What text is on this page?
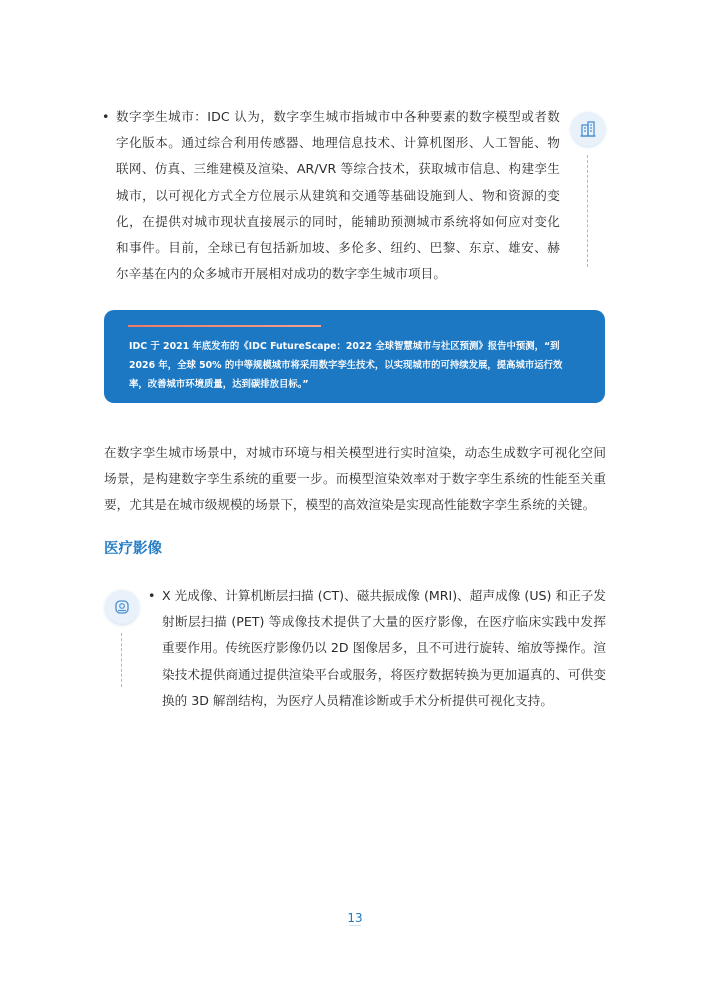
• 数字孪生城市：IDC 认为，数字孪生城市指城市中各种要素的数字模型或者数字化版本。通过综合利用传感器、地理信息技术、计算机图形、人工智能、物联网、仿真、三维建模及渲染、AR/VR 等综合技术，获取城市信息、构建孪生城市，以可视化方式全方位展示从建筑和交通等基础设施到人、物和资源的变化，在提供对城市现状直接展示的同时，能辅助预测城市系统将如何应对变化和事件。目前，全球已有包括新加坡、多伦多、纽约、巴黎、东京、雄安、赫尔辛基在内的众多城市开展相对成功的数字孪生城市项目。
IDC 于 2021 年底发布的《IDC FutureScape：2022 全球智慧城市与社区预测》报告中预测，“到 2026 年，全球 50% 的中等规模城市将采用数字孪生技术，以实现城市的可持续发展，提高城市运行效率，改善城市环境质量，达到碳排放目标。”
在数字孪生城市场景中，对城市环境与相关模型进行实时渲染，动态生成数字可视化空间场景，是构建数字孪生系统的重要一步。而模型渲染效率对于数字孪生系统的性能至关重要，尤其是在城市级规模的场景下，模型的高效渲染是实现高性能数字孪生系统的关键。
医疗影像
• X 光成像、计算机断层扫描 (CT)、磁共振成像 (MRI)、超声成像 (US) 和正子发射断层扫描 (PET) 等成像技术提供了大量的医疗影像，在医疗临床实践中发挥重要作用。传统医疗影像仍以 2D 图像居多，且不可进行旋转、缩放等操作。渲染技术提供商通过提供渲染平台或服务，将医疗数据转换为更加逼真的、可供变换的 3D 解剖结构，为医疗人员精准诊断或手术分析提供可视化支持。
13
